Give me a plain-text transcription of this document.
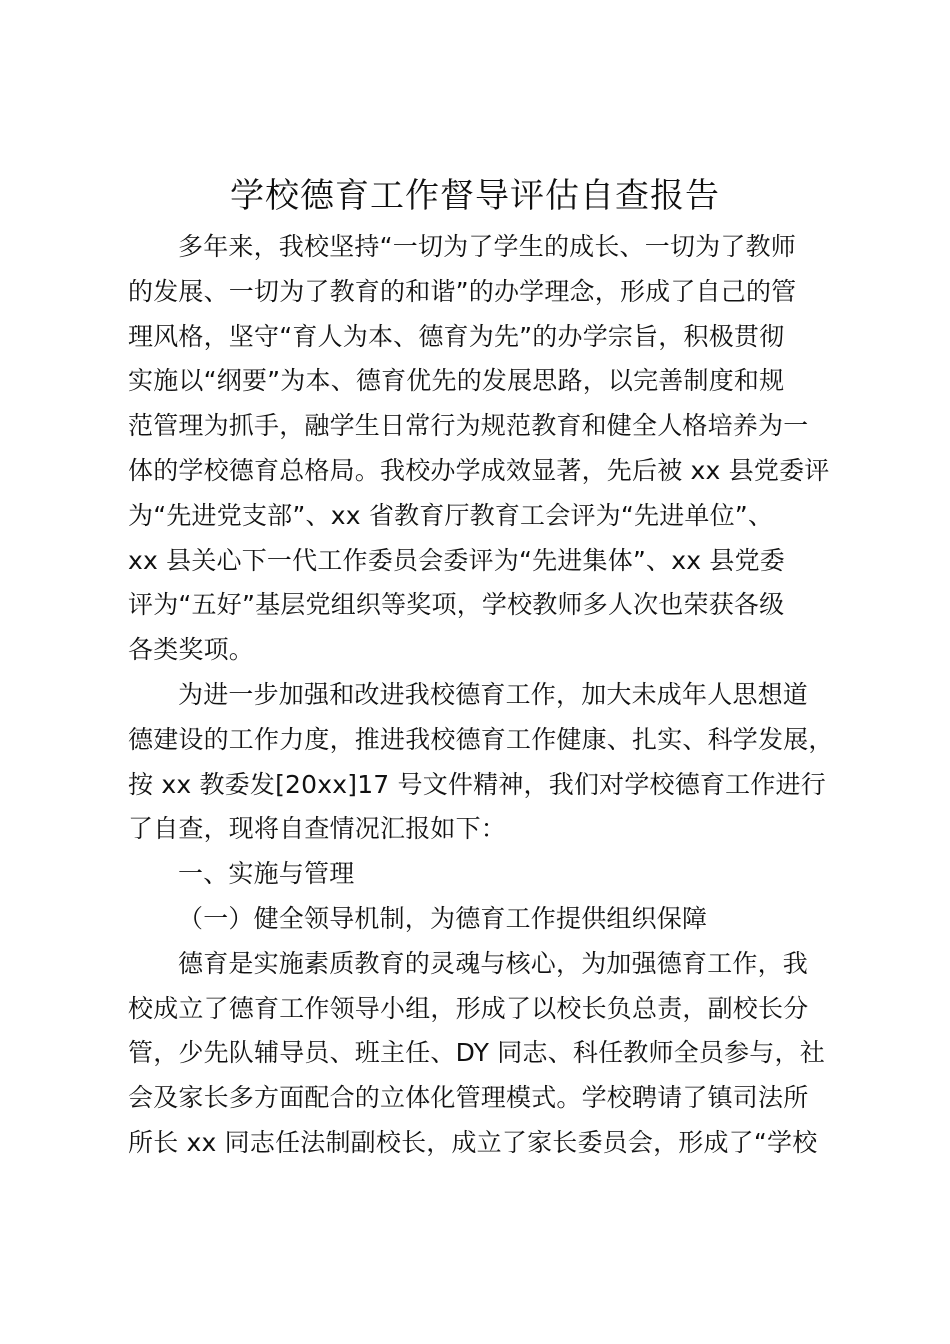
学校德育工作督导评估自查报告

多年来，我校坚持“一切为了学生的成长、一切为了教师

的发展、一切为了教育的和谐”的办学理念，形成了自己的管

理风格，坚守“育人为本、德育为先”的办学宗旨，积极贯彻

实施以“纲要”为本、德育优先的发展思路，以完善制度和规

范管理为抓手，融学生日常行为规范教育和健全人格培养为一

体的学校德育总格局。我校办学成效显著，先后被 xx 县党委评

为“先进党支部”、xx 省教育厅教育工会评为“先进单位”、

xx 县关心下一代工作委员会委评为“先进集体”、xx 县党委

评为“五好”基层党组织等奖项，学校教师多人次也荣获各级

各类奖项。

为进一步加强和改进我校德育工作，加大未成年人思想道

德建设的工作力度，推进我校德育工作健康、扎实、科学发展，

按 xx 教委发[20xx]17 号文件精神，我们对学校德育工作进行

了自查，现将自查情况汇报如下：

一、实施与管理

（一）健全领导机制，为德育工作提供组织保障

德育是实施素质教育的灵魂与核心，为加强德育工作，我

校成立了德育工作领导小组，形成了以校长负总责，副校长分

管，少先队辅导员、班主任、DY 同志、科任教师全员参与，社

会及家长多方面配合的立体化管理模式。学校聘请了镇司法所

所长 xx 同志任法制副校长，成立了家长委员会，形成了“学校
